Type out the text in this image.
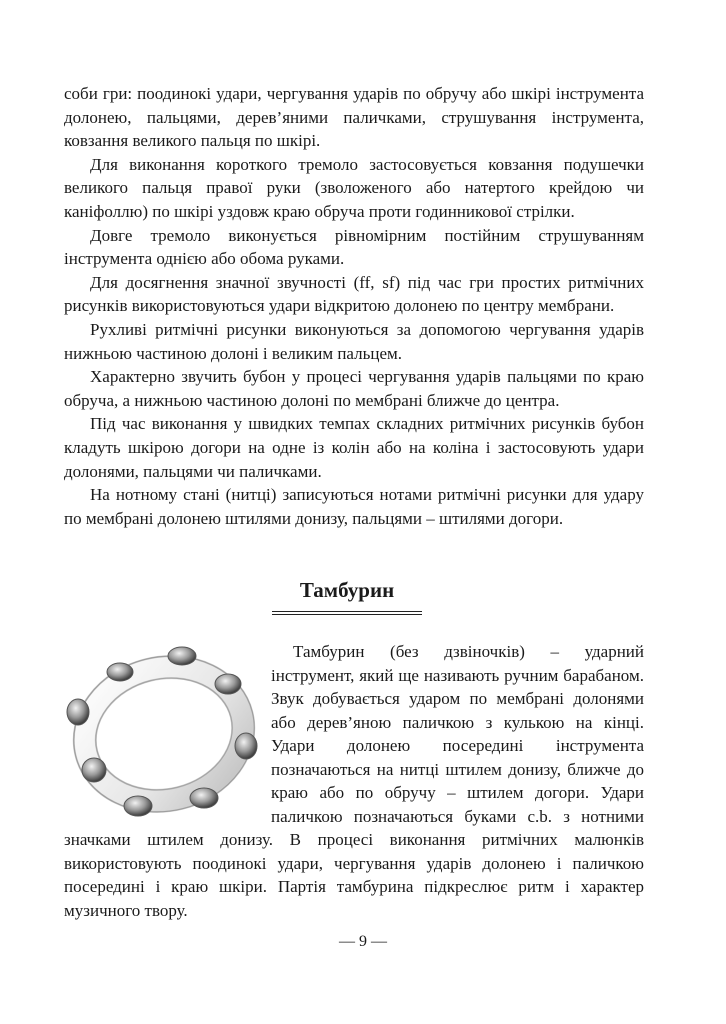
соби гри: поодинокі удари, чергування ударів по обручу або шкірі інструмента долонею, пальцями, дерев’яними паличками, струшування інструмента, ковзання великого пальця по шкірі.

Для виконання короткого тремоло застосовується ковзання подушечки великого пальця правої руки (зволоженого або натертого крейдою чи каніфоллю) по шкірі уздовж краю обруча проти годинникової стрілки.

Довге тремоло виконується рівномірним постійним струшуванням інструмента однією або обома руками.

Для досягнення значної звучності (ff, sf) під час гри простих ритмічних рисунків використовуються удари відкритою долонею по центру мембрани.

Рухливі ритмічні рисунки виконуються за допомогою чергування ударів нижньою частиною долоні і великим пальцем.

Характерно звучить бубон у процесі чергування ударів пальцями по краю обруча, а нижньою частиною долоні по мембрані ближче до центра.

Під час виконання у швидких темпах складних ритмічних рисунків бубон кладуть шкірою догори на одне із колін або на коліна і застосовують удари долонями, пальцями чи паличками.

На нотному стані (нитці) записуються нотами ритмічні рисунки для удару по мембрані долонею штилями донизу, пальцями – штилями догори.

Тамбурин

Тамбурин (без дзвіночків) – ударний інструмент, який ще називають ручним барабаном. Звук добувається ударом по мембрані долонями або дерев’яною паличкою з кулькою на кінці. Удари долонею посередині інструмента позначаються на нитці штилем донизу, ближче до краю або по обручу – штилем догори. Удари паличкою позначаються буками c.b. з нотними значками штилем донизу. В процесі виконання ритмічних малюнків використовують поодинокі удари, чергування ударів долонею і паличкою посередині і краю шкіри. Партія тамбурина підкреслює ритм і характер музичного твору.

— 9 —
